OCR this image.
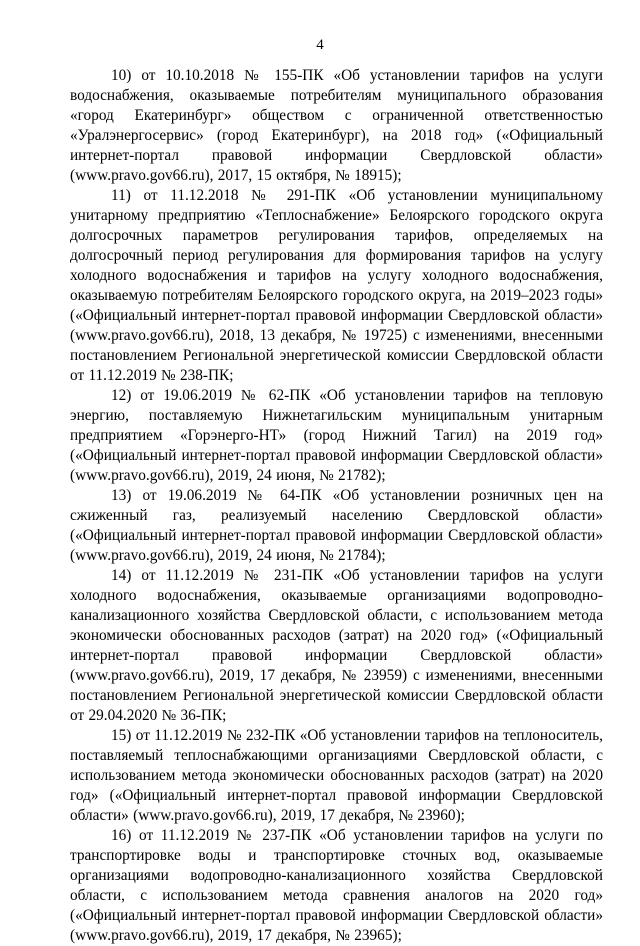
4

10) от 10.10.2018 № 155-ПК «Об установлении тарифов на услуги водоснабжения, оказываемые потребителям муниципального образования «город Екатеринбург» обществом с ограниченной ответственностью «Уралэнергосервис» (город Екатеринбург), на 2018 год» («Официальный интернет-портал правовой информации Свердловской области» (www.pravo.gov66.ru), 2017, 15 октября, № 18915);

11) от 11.12.2018 № 291-ПК «Об установлении муниципальному унитарному предприятию «Теплоснабжение» Белоярского городского округа долгосрочных параметров регулирования тарифов, определяемых на долгосрочный период регулирования для формирования тарифов на услугу холодного водоснабжения и тарифов на услугу холодного водоснабжения, оказываемую потребителям Белоярского городского округа, на 2019–2023 годы» («Официальный интернет-портал правовой информации Свердловской области» (www.pravo.gov66.ru), 2018, 13 декабря, № 19725) с изменениями, внесенными постановлением Региональной энергетической комиссии Свердловской области от 11.12.2019 № 238-ПК;

12) от 19.06.2019 № 62-ПК «Об установлении тарифов на тепловую энергию, поставляемую Нижнетагильским муниципальным унитарным предприятием «Горэнерго-НТ» (город Нижний Тагил) на 2019 год» («Официальный интернет-портал правовой информации Свердловской области» (www.pravo.gov66.ru), 2019, 24 июня, № 21782);

13) от 19.06.2019 № 64-ПК «Об установлении розничных цен на сжиженный газ, реализуемый населению Свердловской области» («Официальный интернет-портал правовой информации Свердловской области» (www.pravo.gov66.ru), 2019, 24 июня, № 21784);

14) от 11.12.2019 № 231-ПК «Об установлении тарифов на услуги холодного водоснабжения, оказываемые организациями водопроводно-канализационного хозяйства Свердловской области, с использованием метода экономически обоснованных расходов (затрат) на 2020 год» («Официальный интернет-портал правовой информации Свердловской области» (www.pravo.gov66.ru), 2019, 17 декабря, № 23959) с изменениями, внесенными постановлением Региональной энергетической комиссии Свердловской области от 29.04.2020 № 36-ПК;

15) от 11.12.2019 № 232-ПК «Об установлении тарифов на теплоноситель, поставляемый теплоснабжающими организациями Свердловской области, с использованием метода экономически обоснованных расходов (затрат) на 2020 год» («Официальный интернет-портал правовой информации Свердловской области» (www.pravo.gov66.ru), 2019, 17 декабря, № 23960);

16) от 11.12.2019 № 237-ПК «Об установлении тарифов на услуги по транспортировке воды и транспортировке сточных вод, оказываемые организациями водопроводно-канализационного хозяйства Свердловской области, с использованием метода сравнения аналогов на 2020 год» («Официальный интернет-портал правовой информации Свердловской области» (www.pravo.gov66.ru), 2019, 17 декабря, № 23965);
